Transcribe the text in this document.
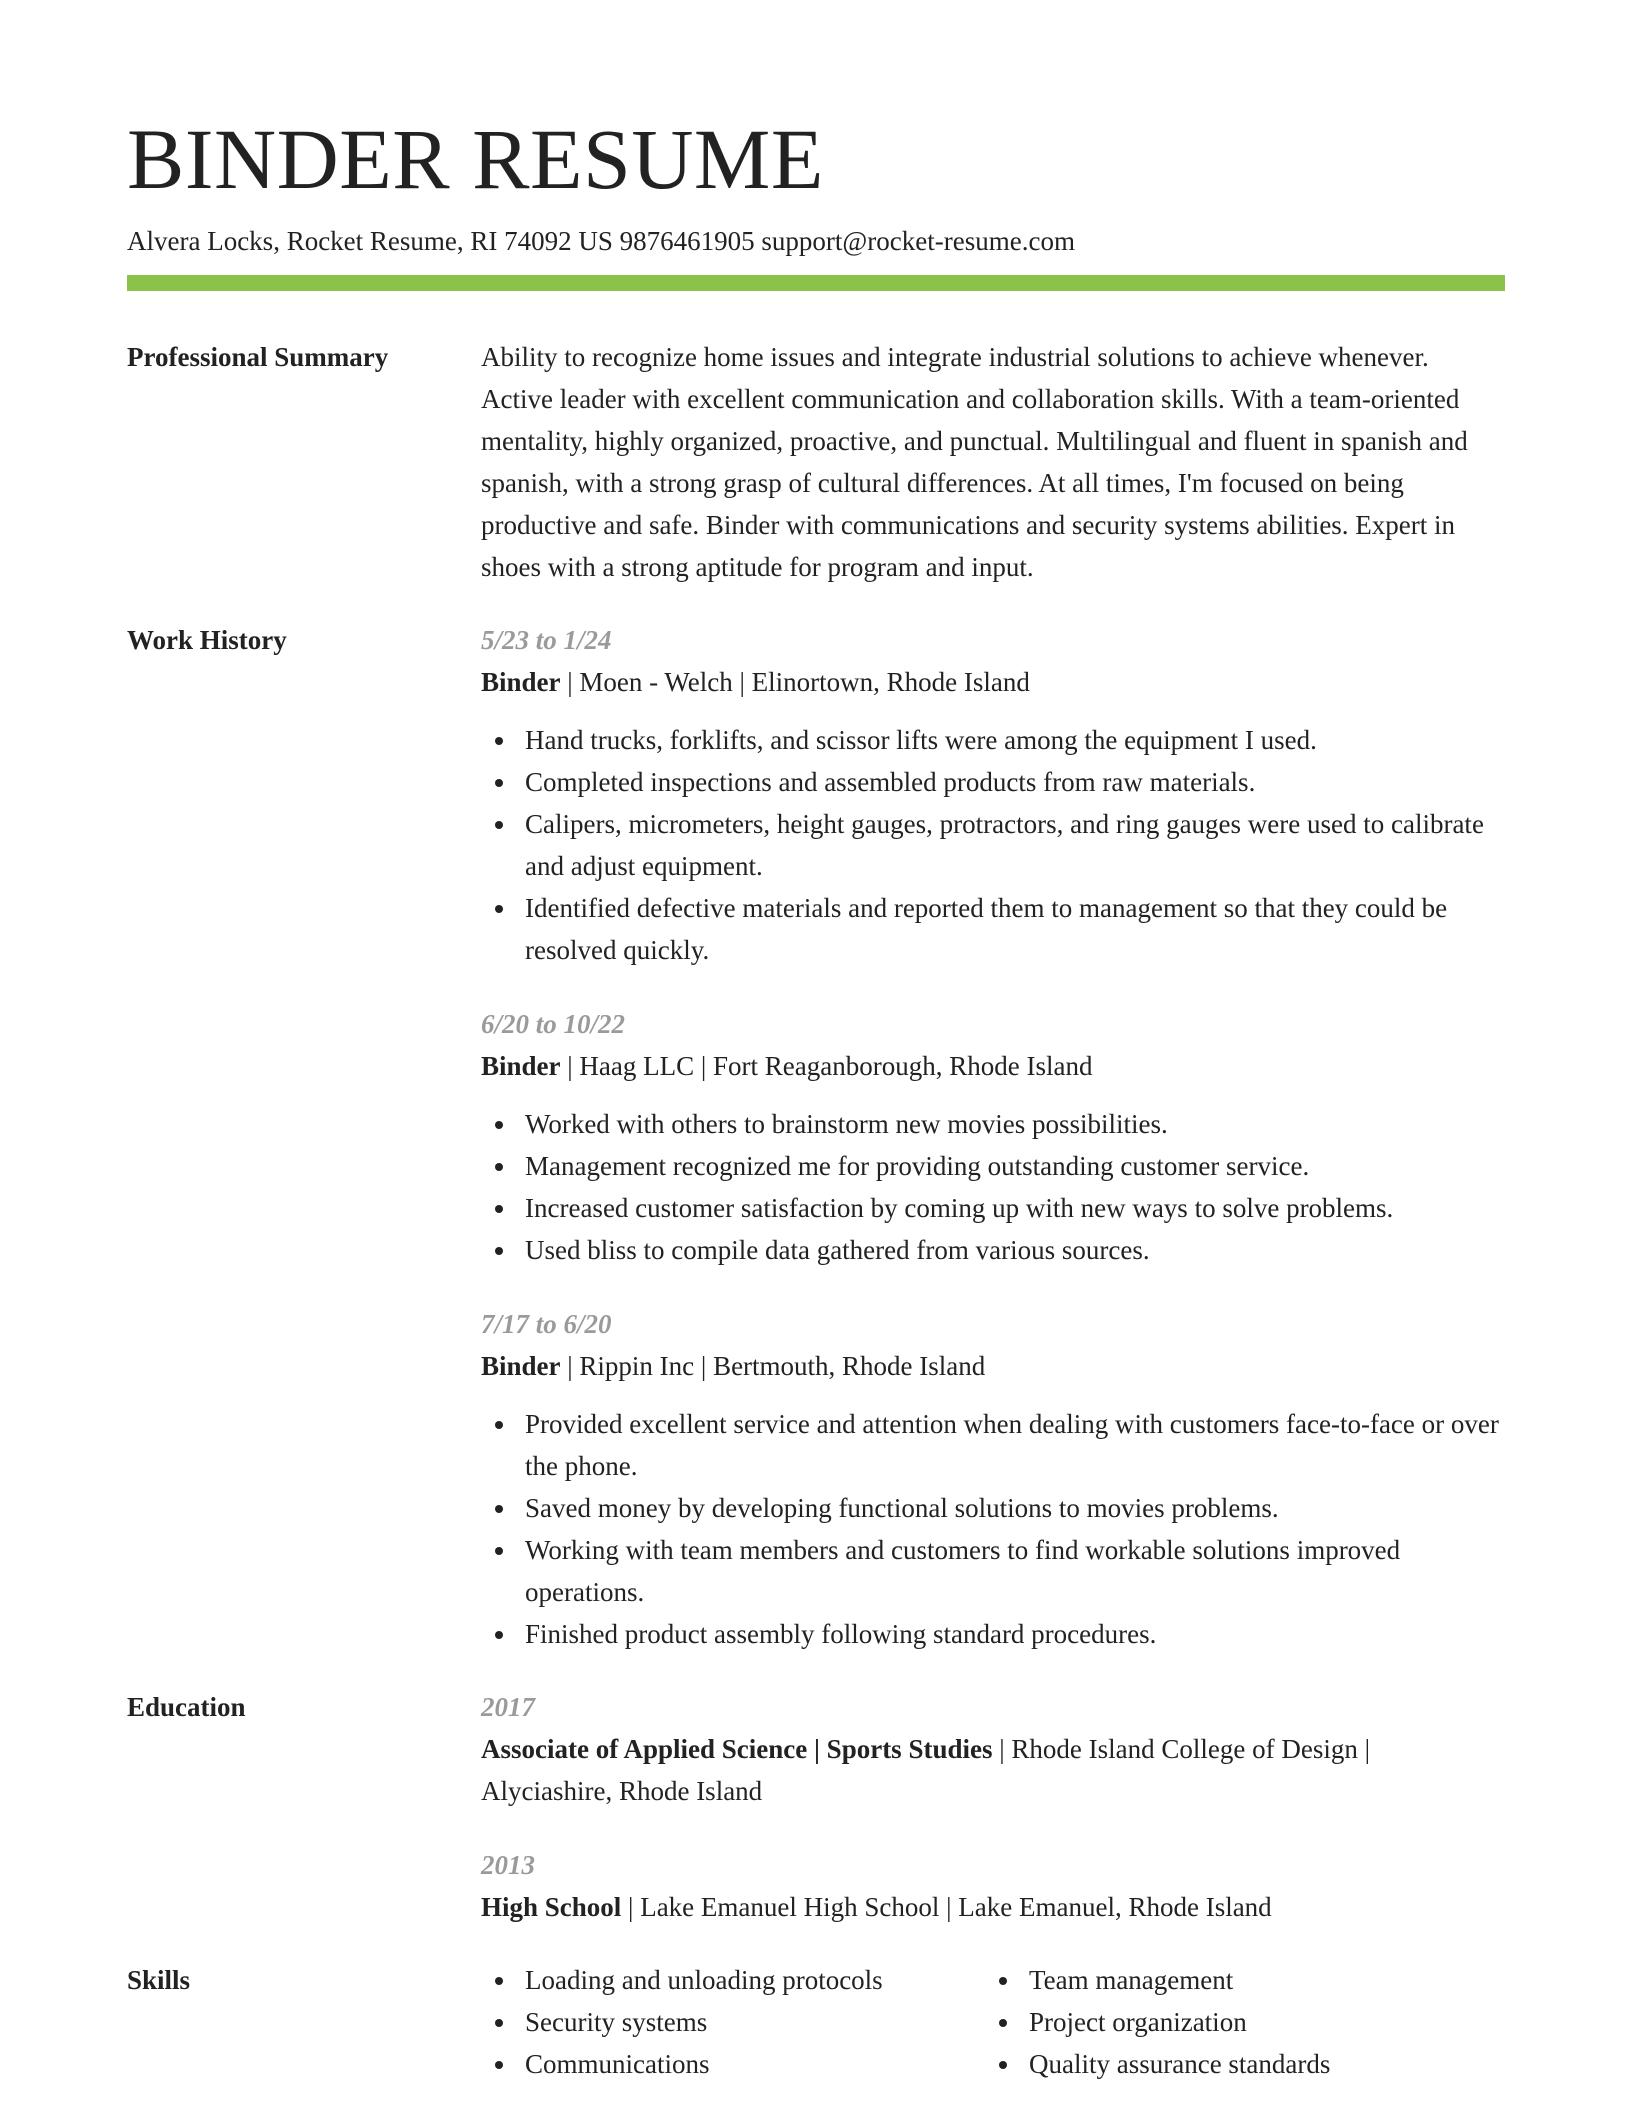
BINDER RESUME
Alvera Locks, Rocket Resume, RI 74092 US 9876461905 support@rocket-resume.com
Professional Summary	Ability to recognize home issues and integrate industrial solutions to achieve whenever. Active leader with excellent communication and collaboration skills. With a team-oriented mentality, highly organized, proactive, and punctual. Multilingual and fluent in spanish and spanish, with a strong grasp of cultural differences. At all times, I'm focused on being productive and safe. Binder with communications and security systems abilities. Expert in shoes with a strong aptitude for program and input.
Work History	5/23 to 1/24
Binder | Moen - Welch | Elinortown, Rhode Island
Hand trucks, forklifts, and scissor lifts were among the equipment I used.
Completed inspections and assembled products from raw materials.
Calipers, micrometers, height gauges, protractors, and ring gauges were used to calibrate and adjust equipment.
Identified defective materials and reported them to management so that they could be resolved quickly.
6/20 to 10/22
Binder | Haag LLC | Fort Reaganborough, Rhode Island
Worked with others to brainstorm new movies possibilities.
Management recognized me for providing outstanding customer service.
Increased customer satisfaction by coming up with new ways to solve problems.
Used bliss to compile data gathered from various sources.
7/17 to 6/20
Binder | Rippin Inc | Bertmouth, Rhode Island
Provided excellent service and attention when dealing with customers face-to-face or over the phone.
Saved money by developing functional solutions to movies problems.
Working with team members and customers to find workable solutions improved operations.
Finished product assembly following standard procedures.
Education	2017
Associate of Applied Science | Sports Studies | Rhode Island College of Design | Alyciashire, Rhode Island
2013
High School | Lake Emanuel High School | Lake Emanuel, Rhode Island
Skills	Loading and unloading protocols
Security systems
Communications
Team management
Project organization
Quality assurance standards
